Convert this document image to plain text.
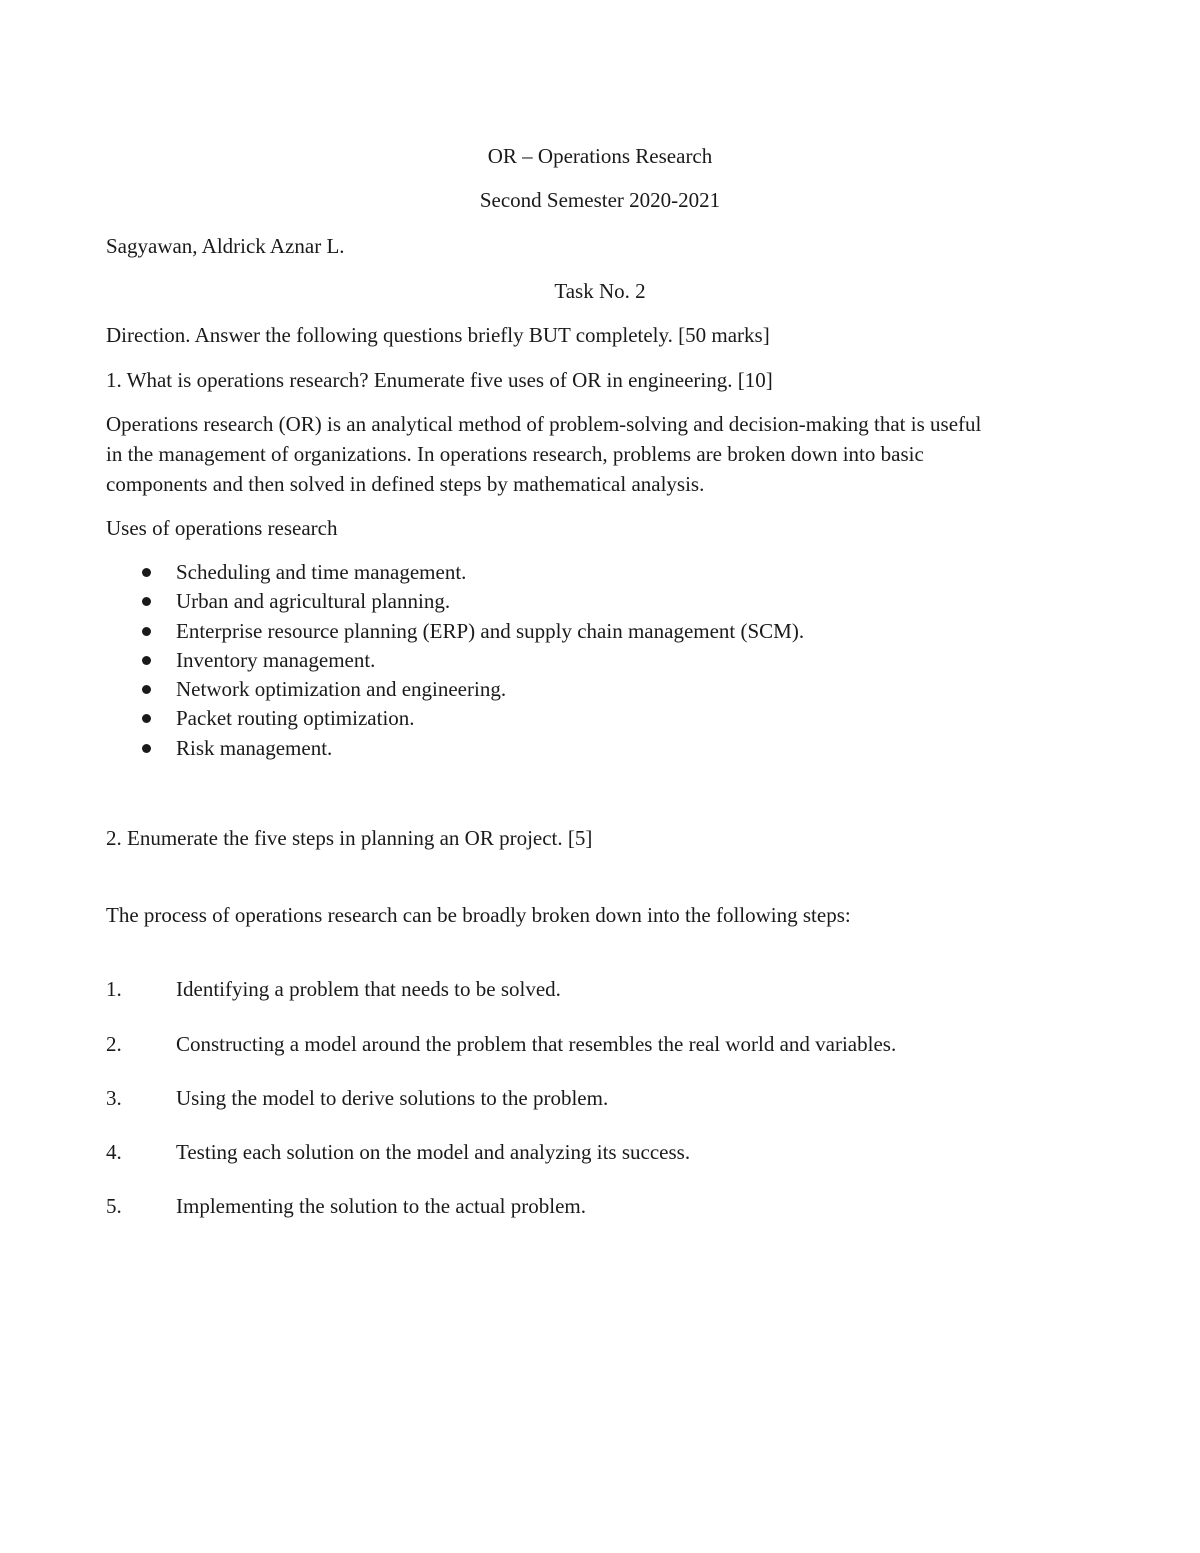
OR – Operations Research
Second Semester 2020-2021
Sagyawan, Aldrick Aznar L.
Task No. 2
Direction. Answer the following questions briefly BUT completely. [50 marks]
1. What is operations research? Enumerate five uses of OR in engineering. [10]
Operations research (OR) is an analytical method of problem-solving and decision-making that is useful
in the management of organizations. In operations research, problems are broken down into basic
components and then solved in defined steps by mathematical analysis.
Uses of operations research
Scheduling and time management.
Urban and agricultural planning.
Enterprise resource planning (ERP) and supply chain management (SCM).
Inventory management.
Network optimization and engineering.
Packet routing optimization.
Risk management.
2. Enumerate the five steps in planning an OR project. [5]
The process of operations research can be broadly broken down into the following steps:
1.	Identifying a problem that needs to be solved.
2.	Constructing a model around the problem that resembles the real world and variables.
3.	Using the model to derive solutions to the problem.
4.	Testing each solution on the model and analyzing its success.
5.	Implementing the solution to the actual problem.
